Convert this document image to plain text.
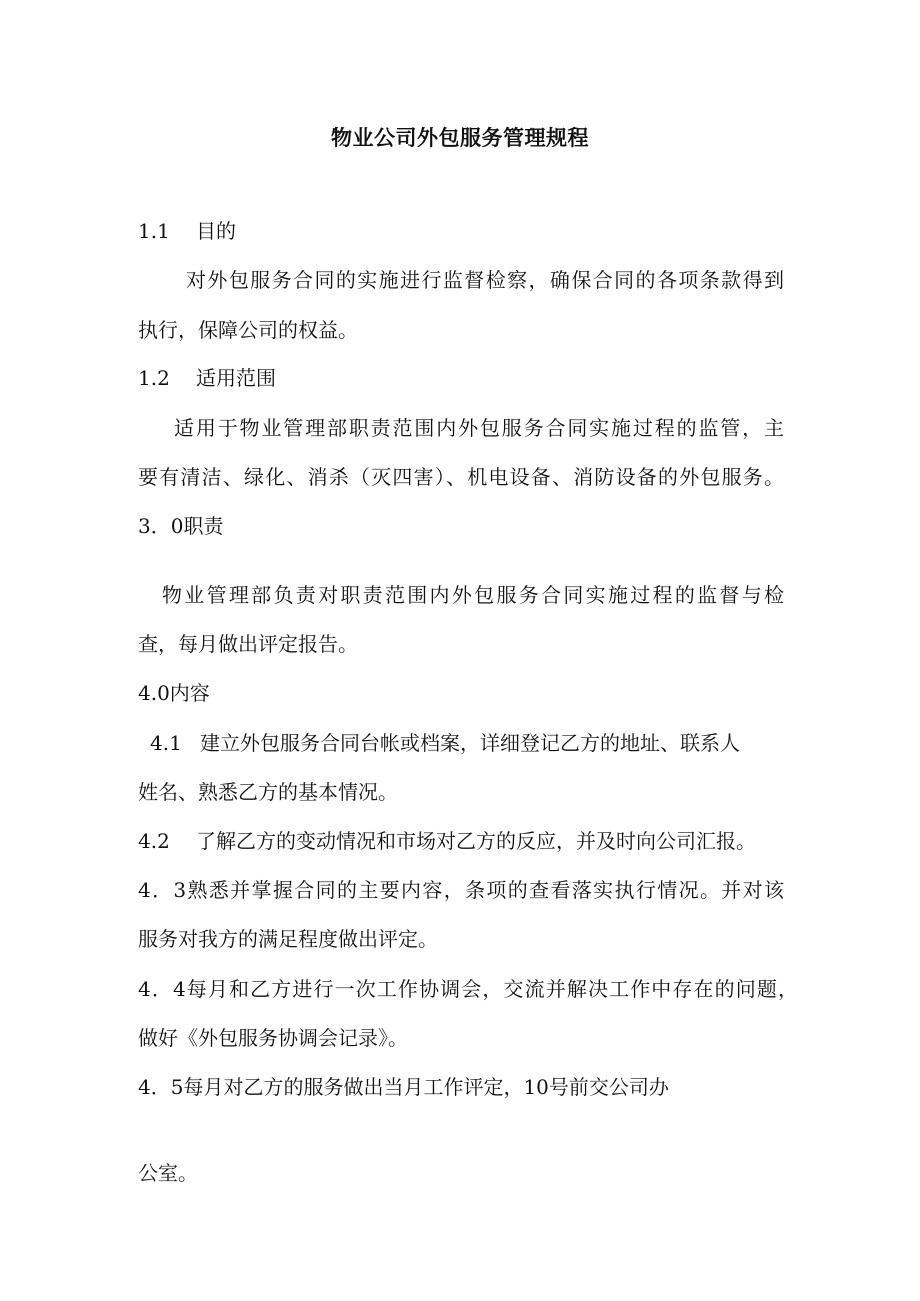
物业公司外包服务管理规程
1.1 目的
对外包服务合同的实施进行监督检察，确保合同的各项条款得到
执行，保障公司的权益。
1.2 适用范围
适用于物业管理部职责范围内外包服务合同实施过程的监管，主
要有清洁、绿化、消杀（灭四害）、机电设备、消防设备的外包服务。
3．0职责
物业管理部负责对职责范围内外包服务合同实施过程的监督与检
查，每月做出评定报告。
4.0内容
4.1 建立外包服务合同台帐或档案，详细登记乙方的地址、联系人
姓名、熟悉乙方的基本情况。
4.2 了解乙方的变动情况和市场对乙方的反应，并及时向公司汇报。
4．3熟悉并掌握合同的主要内容，条项的查看落实执行情况。并对该
服务对我方的满足程度做出评定。
4．4每月和乙方进行一次工作协调会，交流并解决工作中存在的问题，
做好《外包服务协调会记录》。
4．5每月对乙方的服务做出当月工作评定，10号前交公司办
公室。
